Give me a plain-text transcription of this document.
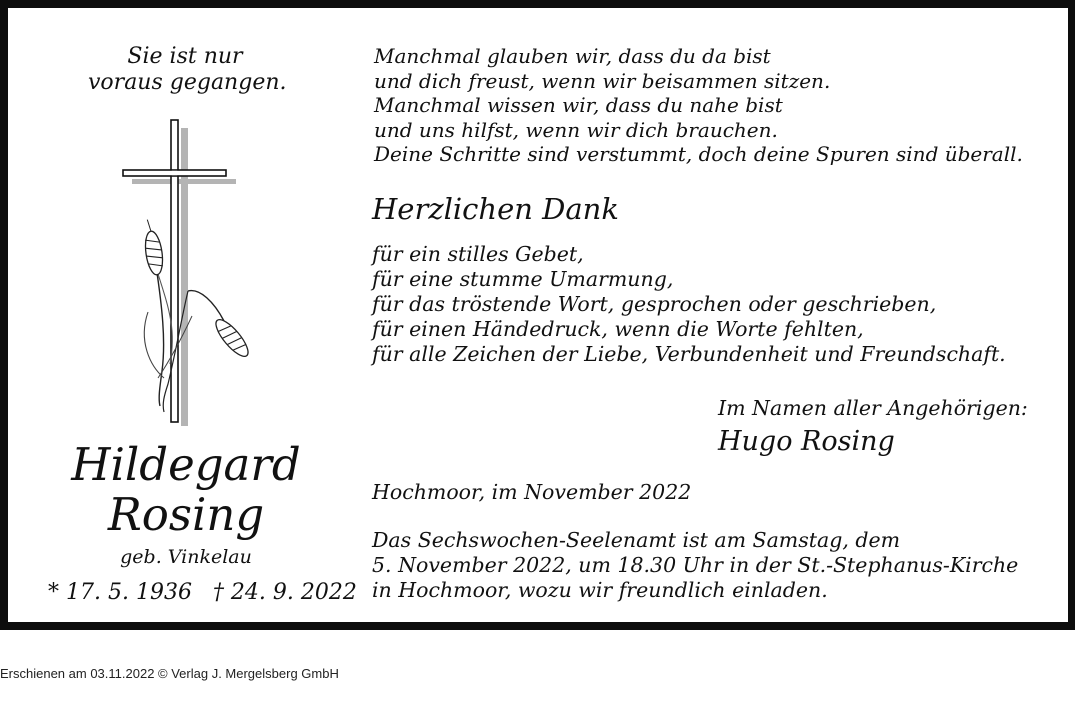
Sie ist nur
voraus gegangen.
Hildegard
Rosing
geb. Vinkelau
* 17. 5. 1936   † 24. 9. 2022
Manchmal glauben wir, dass du da bist
und dich freust, wenn wir beisammen sitzen.
Manchmal wissen wir, dass du nahe bist
und uns hilfst, wenn wir dich brauchen.
Deine Schritte sind verstummt, doch deine Spuren sind überall.
Herzlichen Dank
für ein stilles Gebet,
für eine stumme Umarmung,
für das tröstende Wort, gesprochen oder geschrieben,
für einen Händedruck, wenn die Worte fehlten,
für alle Zeichen der Liebe, Verbundenheit und Freundschaft.
Im Namen aller Angehörigen:
Hugo Rosing
Hochmoor, im November 2022
Das Sechswochen-Seelenamt ist am Samstag, dem
5. November 2022, um 18.30 Uhr in der St.-Stephanus-Kirche
in Hochmoor, wozu wir freundlich einladen.
Erschienen am 03.11.2022 © Verlag J. Mergelsberg GmbH
